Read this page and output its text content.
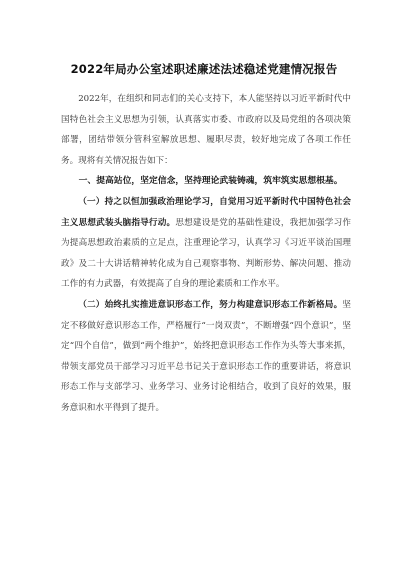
2022年局办公室述职述廉述法述稳述党建情况报告

2022年，在组织和同志们的关心支持下，本人能坚持以习近平新时代中国特色社会主义思想为引领，认真落实市委、市政府以及局党组的各项决策部署，团结带领分管科室解放思想、履职尽责，较好地完成了各项工作任务。现将有关情况报告如下：

一、提高站位，坚定信念，坚持理论武装铸魂，筑牢筑实思想根基。

（一）持之以恒加强政治理论学习，自觉用习近平新时代中国特色社会主义思想武装头脑指导行动。思想建设是党的基础性建设，我把加强学习作为提高思想政治素质的立足点，注重理论学习，认真学习《习近平谈治国理政》及二十大讲话精神转化成为自己观察事物、判断形势、解决问题、推动工作的有力武器，有效提高了自身的理论素质和工作水平。

（二）始终扎实推进意识形态工作，努力构建意识形态工作新格局。坚定不移做好意识形态工作，严格履行“一岗双责”，不断增强“四个意识”，坚定“四个自信”，做到“两个维护”，始终把意识形态工作作为头等大事来抓，带领支部党员干部学习习近平总书记关于意识形态工作的重要讲话，将意识形态工作与支部学习、业务学习、业务讨论相结合，收到了良好的效果，服务意识和水平得到了提升。
